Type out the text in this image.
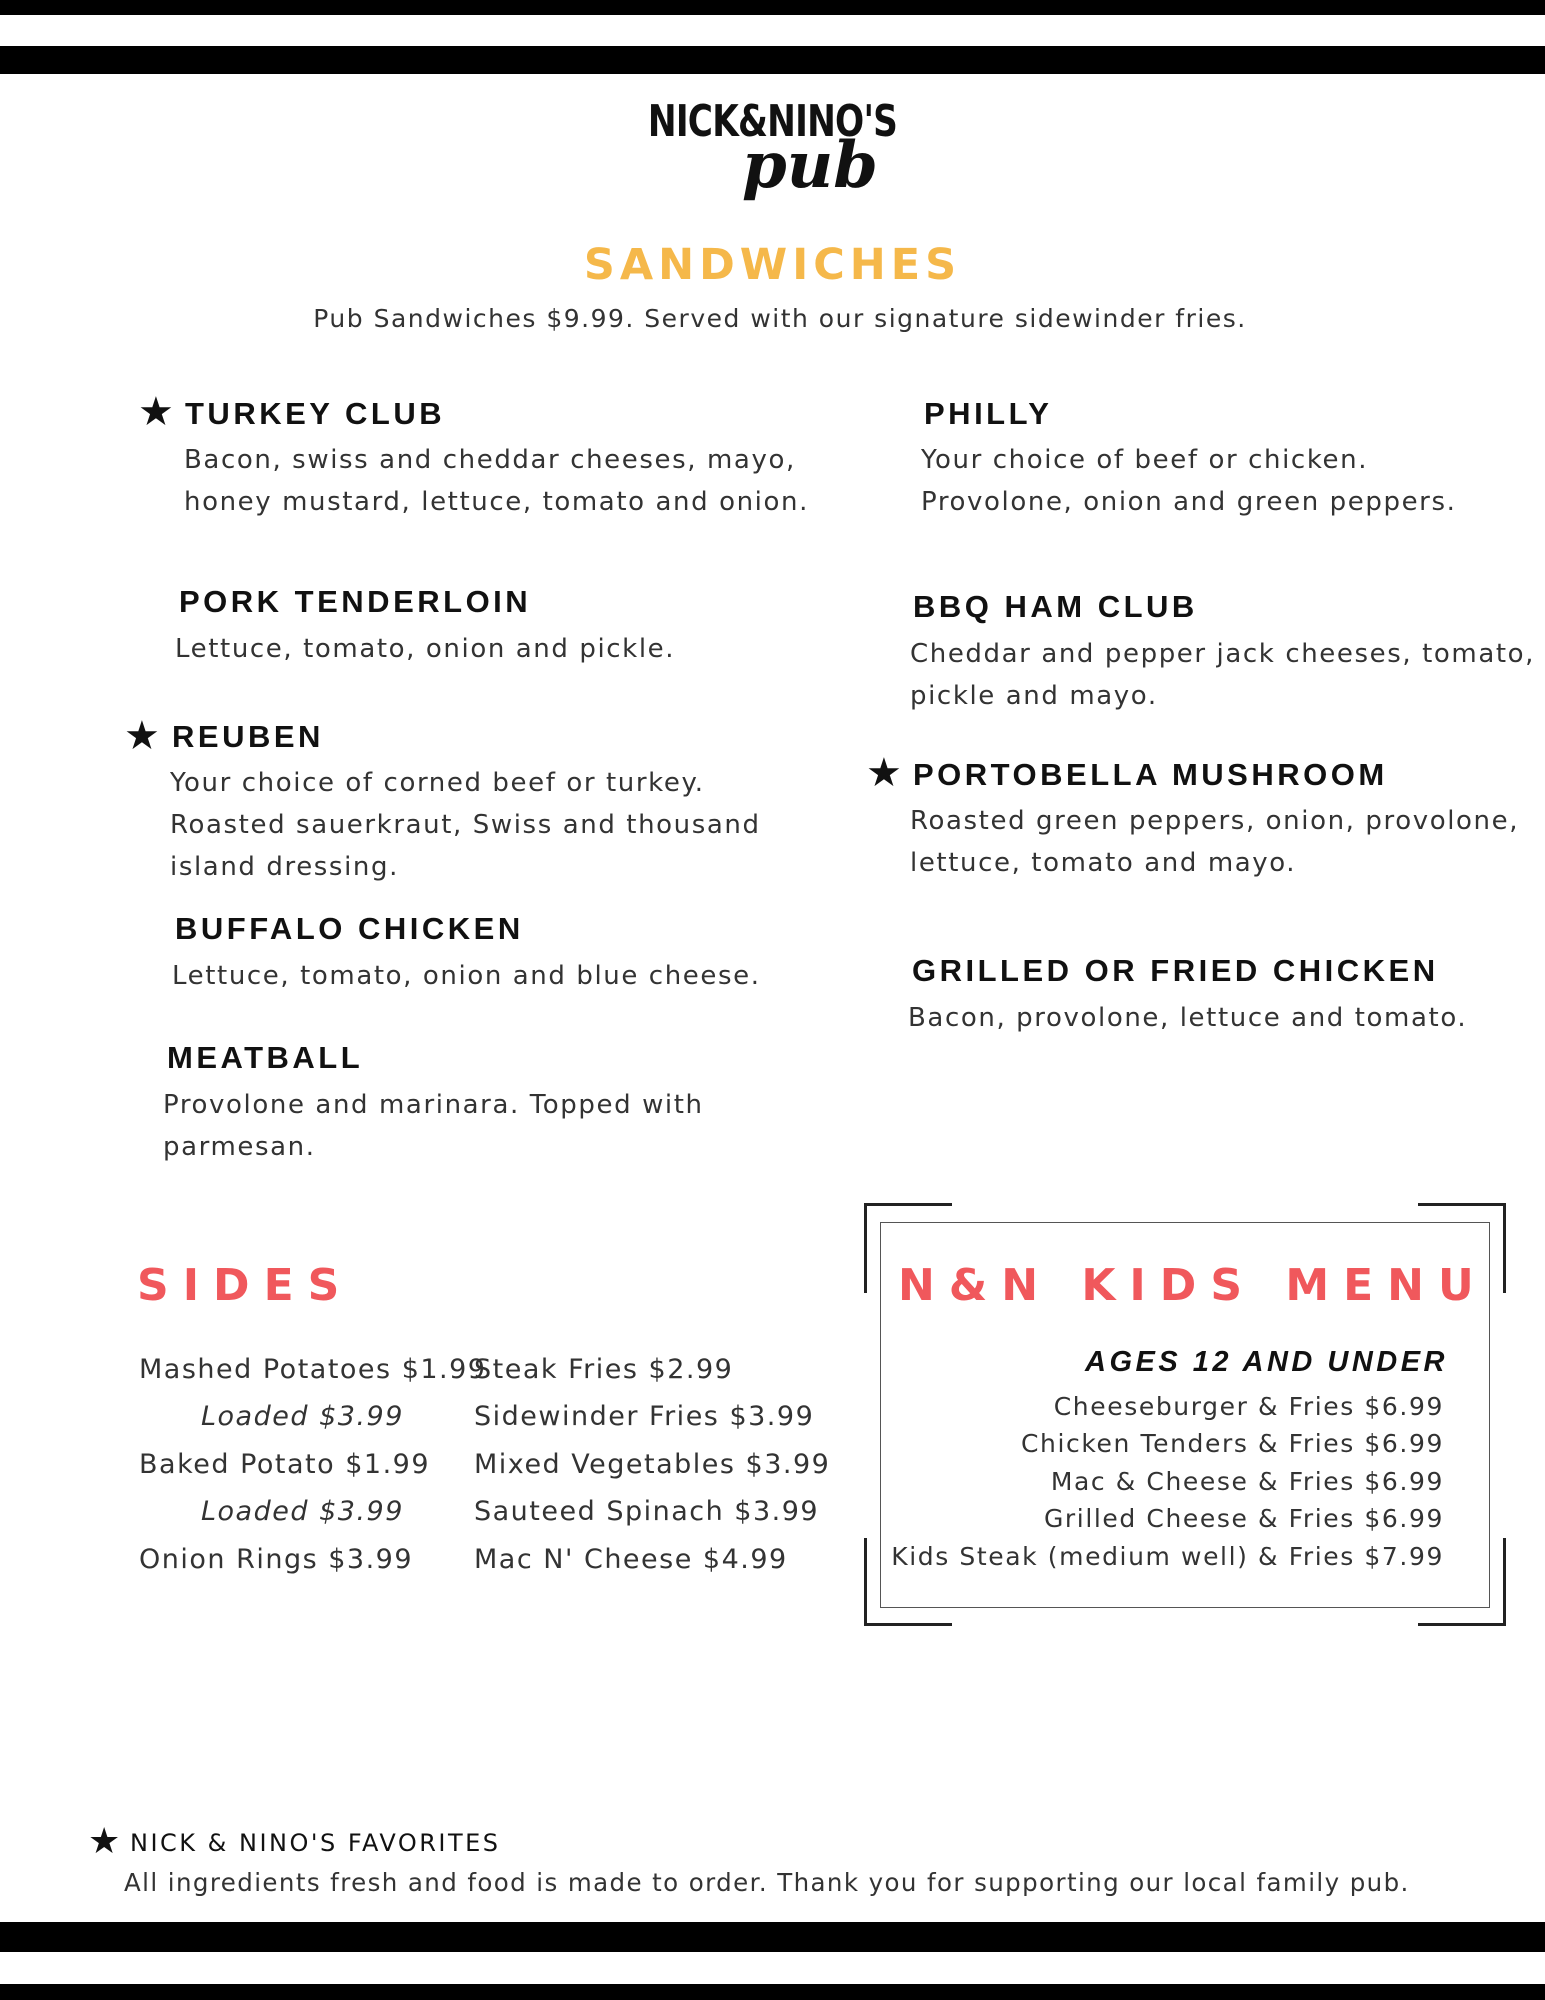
NICK&NINO'S
pub
SANDWICHES
Pub Sandwiches $9.99. Served with our signature sidewinder fries.
★ TURKEY CLUB
Bacon, swiss and cheddar cheeses, mayo,
honey mustard, lettuce, tomato and onion.
PORK TENDERLOIN
Lettuce, tomato, onion and pickle.
★ REUBEN
Your choice of corned beef or turkey.
Roasted sauerkraut, Swiss and thousand
island dressing.
BUFFALO CHICKEN
Lettuce, tomato, onion and blue cheese.
MEATBALL
Provolone and marinara. Topped with
parmesan.
PHILLY
Your choice of beef or chicken.
Provolone, onion and green peppers.
BBQ HAM CLUB
Cheddar and pepper jack cheeses, tomato,
pickle and mayo.
★ PORTOBELLA MUSHROOM
Roasted green peppers, onion, provolone,
lettuce, tomato and mayo.
GRILLED OR FRIED CHICKEN
Bacon, provolone, lettuce and tomato.
SIDES
Mashed Potatoes $1.99
Loaded $3.99
Baked Potato $1.99
Loaded $3.99
Onion Rings $3.99
Steak Fries $2.99
Sidewinder Fries $3.99
Mixed Vegetables $3.99
Sauteed Spinach $3.99
Mac N' Cheese $4.99
N&N KIDS MENU
AGES 12 AND UNDER
Cheeseburger & Fries $6.99
Chicken Tenders & Fries $6.99
Mac & Cheese & Fries $6.99
Grilled Cheese & Fries $6.99
Kids Steak (medium well) & Fries $7.99
★ NICK & NINO'S FAVORITES
All ingredients fresh and food is made to order. Thank you for supporting our local family pub.
